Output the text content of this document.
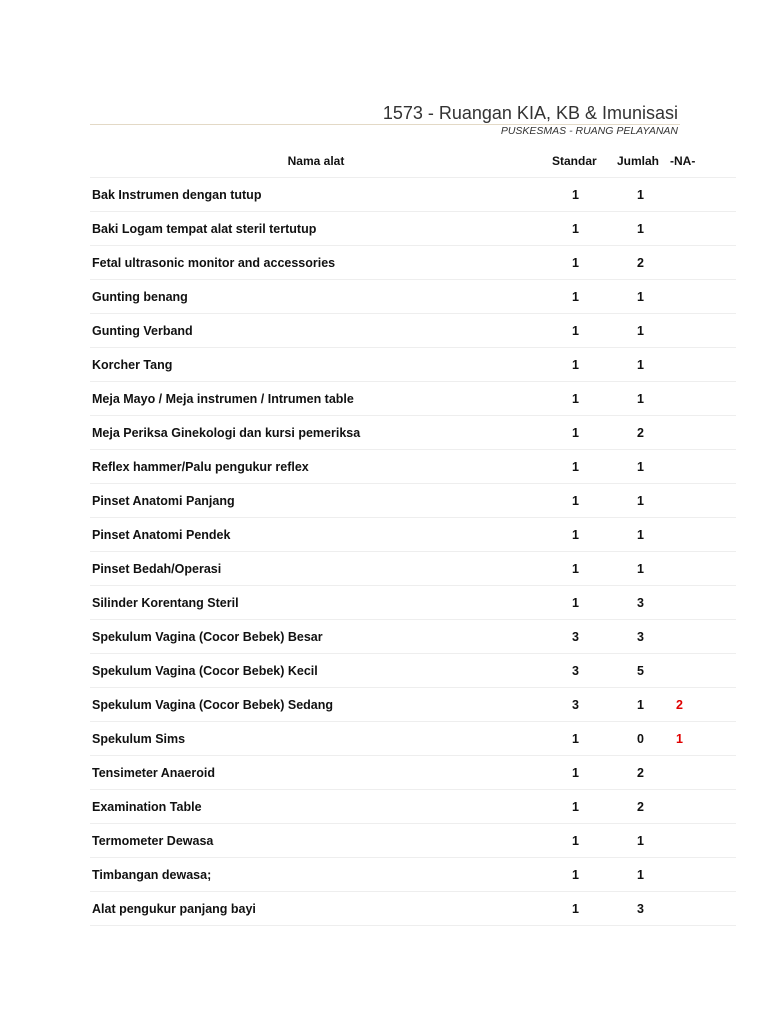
1573 - Ruangan KIA, KB & Imunisasi
PUSKESMAS - RUANG PELAYANAN
Nama alat	Standar	Jumlah	-NA-
Bak Instrumen dengan tutup	1	1	
Baki Logam tempat alat steril tertutup	1	1	
Fetal ultrasonic monitor and accessories	1	2	
Gunting benang	1	1	
Gunting Verband	1	1	
Korcher Tang	1	1	
Meja Mayo / Meja instrumen / Intrumen table	1	1	
Meja Periksa Ginekologi dan kursi pemeriksa	1	2	
Reflex hammer/Palu pengukur reflex	1	1	
Pinset Anatomi Panjang	1	1	
Pinset Anatomi Pendek	1	1	
Pinset Bedah/Operasi	1	1	
Silinder Korentang Steril	1	3	
Spekulum Vagina (Cocor Bebek) Besar	3	3	
Spekulum Vagina (Cocor Bebek) Kecil	3	5	
Spekulum Vagina (Cocor Bebek) Sedang	3	1	2
Spekulum Sims	1	0	1
Tensimeter Anaeroid	1	2	
Examination Table	1	2	
Termometer Dewasa	1	1	
Timbangan dewasa;	1	1	
Alat pengukur panjang bayi	1	3	
